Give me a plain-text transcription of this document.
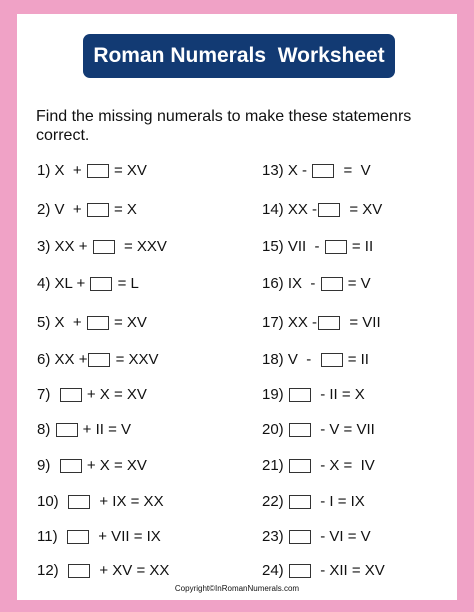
Roman Numerals  Worksheet
Find the missing numerals to make these statemenrs
correct.
1) X  + = XV
2) V  + = X
3) XX + = XXV
4) XL + = L
5) X  + = XV
6) XX + = XXV
7)
+ X = XV
8)
+ II = V
9)
+ X = XV
10)
+ IX = XX
11)
+ VII = IX
12)
+ XV = XX
13) X - =  V
14) XX - = XV
15) VII  - = II
16) IX  - = V
17) XX - = VII
18) V  - = II
19)
- II = X
20)
- V = VII
21)
- X =  IV
22)
- I = IX
23)
- VI = V
24)
- XII = XV
Copyright©InRomanNumerals.com
